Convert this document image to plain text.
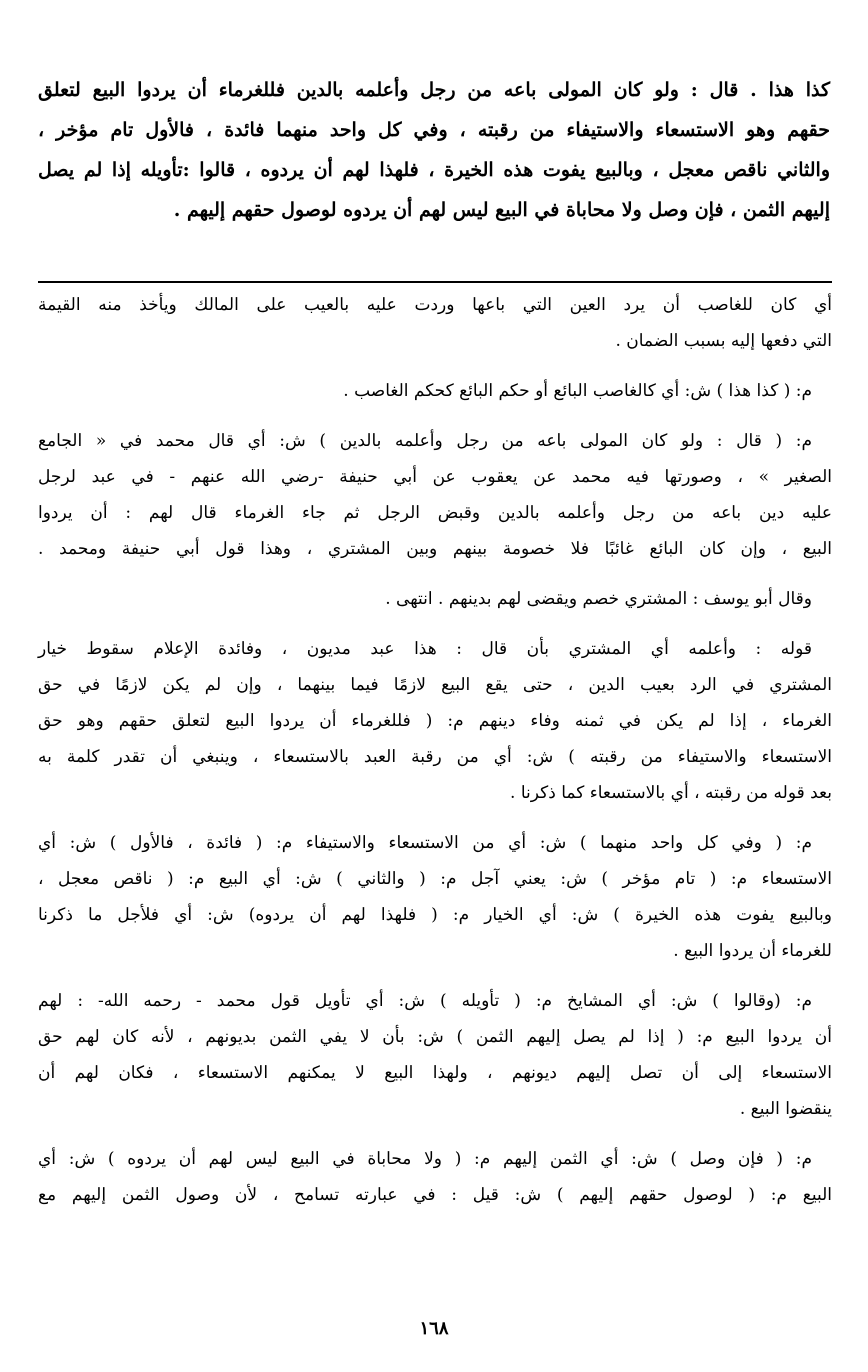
كذا هذا . قال : ولو كان المولى باعه من رجل وأعلمه بالدين فللغرماء أن يردوا البيع لتعلق
حقهم وهو الاستسعاء والاستيفاء من رقبته ، وفي كل واحد منهما فائدة ، فالأول تام مؤخر ،
والثاني ناقص معجل ، وبالبيع يفوت هذه الخيرة ، فلهذا لهم أن يردوه ، قالوا :تأويله إذا لم يصل
إليهم الثمن ، فإن وصل ولا محاباة في البيع ليس لهم أن يردوه لوصول حقهم إليهم .
أي كان للغاصب أن يرد العين التي باعها وردت عليه بالعيب على المالك ويأخذ منه القيمة
التي دفعها إليه بسبب الضمان .
م: ( كذا هذا ) ش: أي كالغاصب البائع أو حكم البائع كحكم الغاصب .
م: ( قال : ولو كان المولى باعه من رجل وأعلمه بالدين ) ش: أي قال محمد في « الجامع
الصغير » ، وصورتها فيه محمد عن يعقوب عن أبي حنيفة -رضي الله عنهم - في عبد لرجل
عليه دين باعه من رجل وأعلمه بالدين وقبض الرجل ثم جاء الغرماء قال لهم : أن يردوا
البيع ، وإن كان البائع غائبًا فلا خصومة بينهم وبين المشتري ، وهذا قول أبي حنيفة ومحمد .
وقال أبو يوسف : المشتري خصم ويقضى لهم بدينهم . انتهى .
قوله : وأعلمه أي المشتري بأن قال : هذا عبد مديون ، وفائدة الإعلام سقوط خيار
المشتري في الرد بعيب الدين ، حتى يقع البيع لازمًا فيما بينهما ، وإن لم يكن لازمًا في حق
الغرماء ، إذا لم يكن في ثمنه وفاء دينهم م: ( فللغرماء أن يردوا البيع لتعلق حقهم وهو حق
الاستسعاء والاستيفاء من رقبته ) ش: أي من رقبة العبد بالاستسعاء ، وينبغي أن تقدر كلمة به
بعد قوله من رقبته ، أي بالاستسعاء كما ذكرنا .
م: ( وفي كل واحد منهما ) ش: أي من الاستسعاء والاستيفاء م: ( فائدة ، فالأول ) ش: أي
الاستسعاء م: ( تام مؤخر ) ش: يعني آجل م: ( والثاني ) ش: أي البيع م: ( ناقص معجل ،
وبالبيع يفوت هذه الخيرة ) ش: أي الخيار م: ( فلهذا لهم أن يردوه) ش: أي فلأجل ما ذكرنا
للغرماء أن يردوا البيع .
م: (وقالوا ) ش: أي المشايخ م: ( تأويله ) ش: أي تأويل قول محمد - رحمه الله- : لهم
أن يردوا البيع م: ( إذا لم يصل إليهم الثمن ) ش: بأن لا يفي الثمن بديونهم ، لأنه كان لهم حق
الاستسعاء إلى أن تصل إليهم ديونهم ، ولهذا البيع لا يمكنهم الاستسعاء ، فكان لهم أن
ينقضوا البيع .
م: ( فإن وصل ) ش: أي الثمن إليهم م: ( ولا محاباة في البيع ليس لهم أن يردوه ) ش: أي
البيع م: ( لوصول حقهم إليهم ) ش: قيل : في عبارته تسامح ، لأن وصول الثمن إليهم مع
١٦٨
